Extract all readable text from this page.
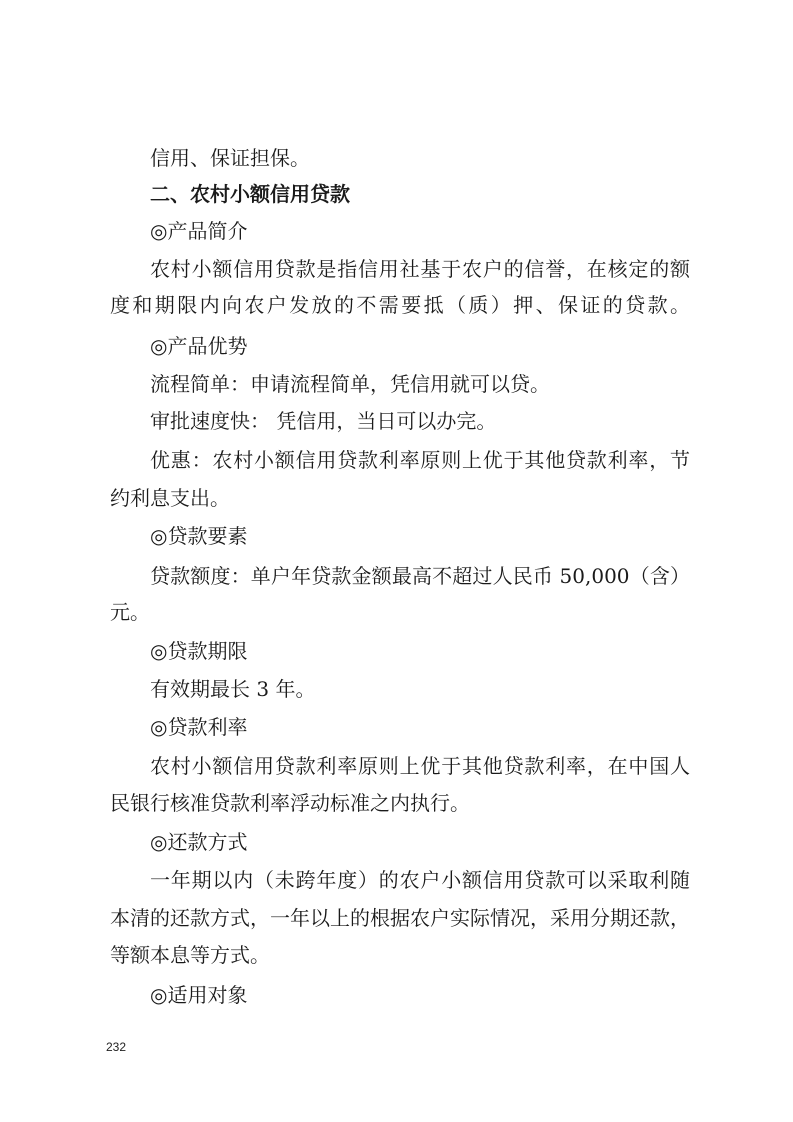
信用、保证担保。
二、农村小额信用贷款
◎产品简介
农村小额信用贷款是指信用社基于农户的信誉，在核定的额
度和期限内向农户发放的不需要抵（质）押、保证的贷款。
◎产品优势
流程简单：申请流程简单，凭信用就可以贷。
审批速度快： 凭信用，当日可以办完。
优惠：农村小额信用贷款利率原则上优于其他贷款利率，节
约利息支出。
◎贷款要素
贷款额度：单户年贷款金额最高不超过人民币 50,000（含）
元。
◎贷款期限
有效期最长 3 年。
◎贷款利率
农村小额信用贷款利率原则上优于其他贷款利率，在中国人
民银行核准贷款利率浮动标准之内执行。
◎还款方式
一年期以内（未跨年度）的农户小额信用贷款可以采取利随
本清的还款方式，一年以上的根据农户实际情况，采用分期还款，
等额本息等方式。
◎适用对象
232
